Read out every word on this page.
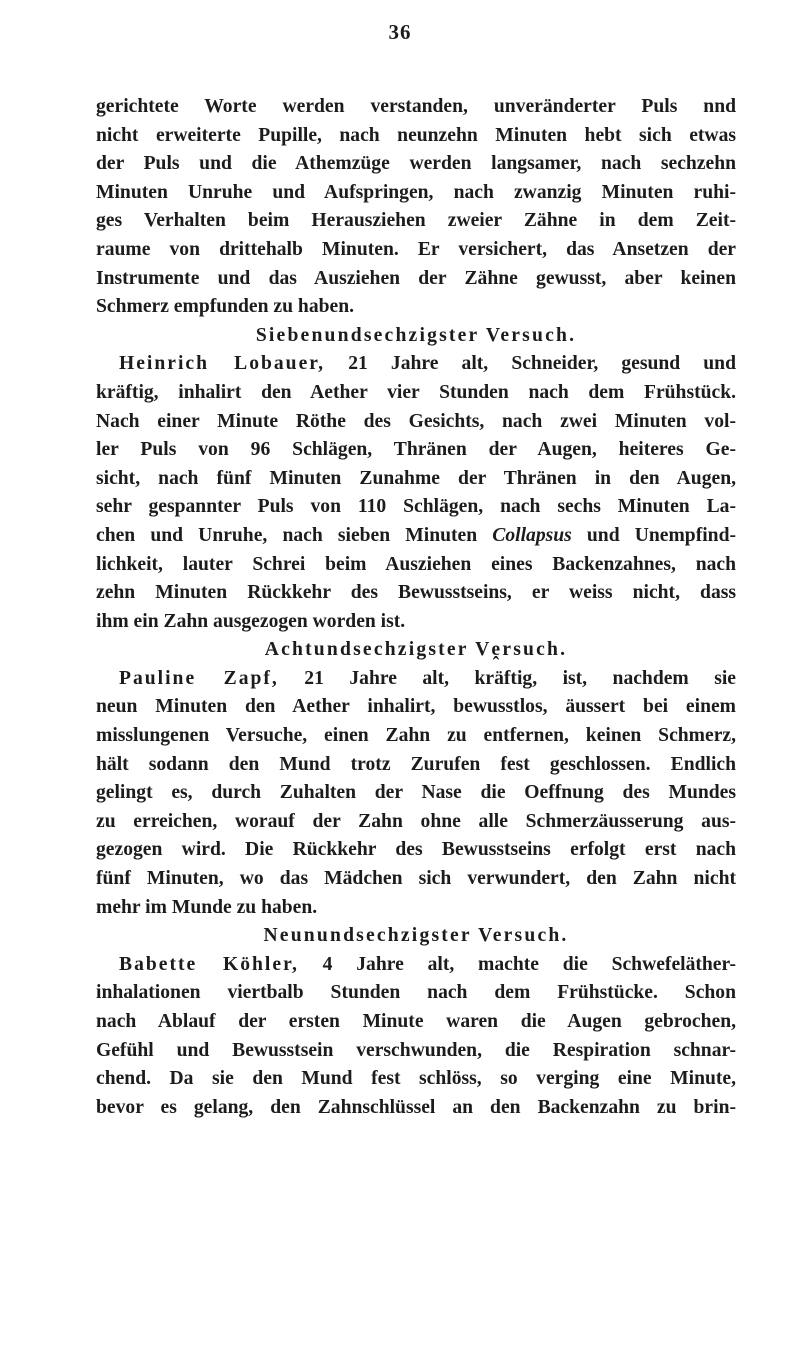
36
gerichtete Worte werden verstanden, unveränderter Puls nnd
nicht erweiterte Pupille, nach neunzehn Minuten hebt sich etwas
der Puls und die Athemzüge werden langsamer, nach sechzehn
Minuten Unruhe und Aufspringen, nach zwanzig Minuten ruhi-
ges Verhalten beim Herausziehen zweier Zähne in dem Zeit-
raume von drittehalb Minuten. Er versichert, das Ansetzen der
Instrumente und das Ausziehen der Zähne gewusst, aber keinen
Schmerz empfunden zu haben.
Siebenundsechzigster Versuch.
Heinrich Lobauer, 21 Jahre alt, Schneider, gesund und
kräftig, inhalirt den Aether vier Stunden nach dem Frühstück.
Nach einer Minute Röthe des Gesichts, nach zwei Minuten vol-
ler Puls von 96 Schlägen, Thränen der Augen, heiteres Ge-
sicht, nach fünf Minuten Zunahme der Thränen in den Augen,
sehr gespannter Puls von 110 Schlägen, nach sechs Minuten La-
chen und Unruhe, nach sieben Minuten Collapsus und Unempfind-
lichkeit, lauter Schrei beim Ausziehen eines Backenzahnes, nach
zehn Minuten Rückkehr des Bewusstseins, er weiss nicht, dass
ihm ein Zahn ausgezogen worden ist.
Achtundsechzigster Vḙrsuch.
Pauline Zapf, 21 Jahre alt, kräftig, ist, nachdem sie
neun Minuten den Aether inhalirt, bewusstlos, äussert bei einem
misslungenen Versuche, einen Zahn zu entfernen, keinen Schmerz,
hält sodann den Mund trotz Zurufen fest geschlossen. Endlich
gelingt es, durch Zuhalten der Nase die Oeffnung des Mundes
zu erreichen, worauf der Zahn ohne alle Schmerzäusserung aus-
gezogen wird. Die Rückkehr des Bewusstseins erfolgt erst nach
fünf Minuten, wo das Mädchen sich verwundert, den Zahn nicht
mehr im Munde zu haben.
Neunundsechzigster Versuch.
Babette Köhler, 4 Jahre alt, machte die Schwefeläther-
inhalationen viertbalb Stunden nach dem Frühstücke. Schon
nach Ablauf der ersten Minute waren die Augen gebrochen,
Gefühl und Bewusstsein verschwunden, die Respiration schnar-
chend. Da sie den Mund fest schlöss, so verging eine Minute,
bevor es gelang, den Zahnschlüssel an den Backenzahn zu brin-
